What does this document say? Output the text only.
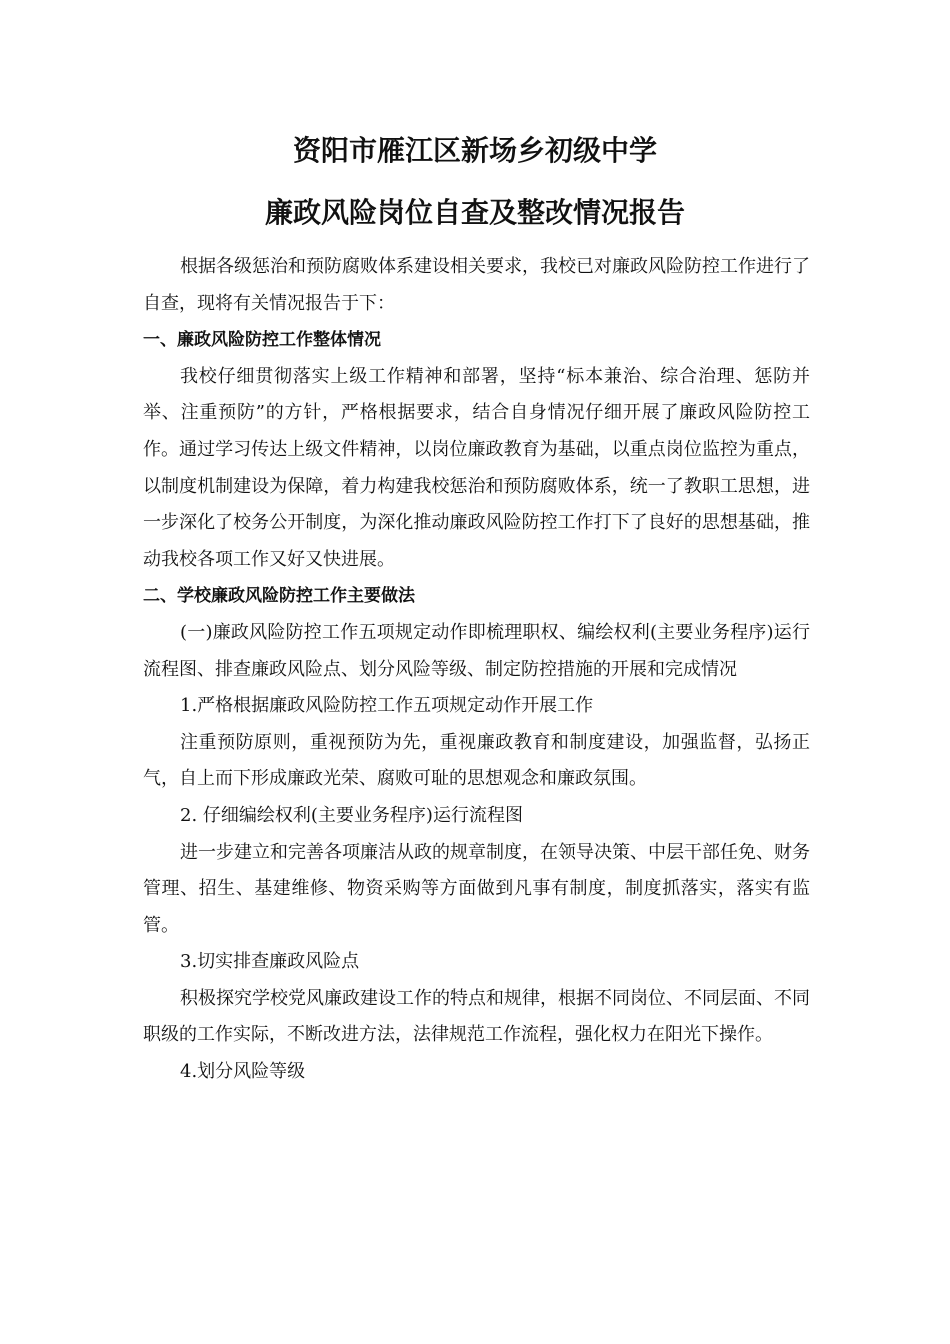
资阳市雁江区新场乡初级中学
廉政风险岗位自查及整改情况报告

根据各级惩治和预防腐败体系建设相关要求，我校已对廉政风险防控工作进行了自查，现将有关情况报告于下：

一、廉政风险防控工作整体情况

我校仔细贯彻落实上级工作精神和部署，坚持“标本兼治、综合治理、惩防并举、注重预防”的方针，严格根据要求，结合自身情况仔细开展了廉政风险防控工作。通过学习传达上级文件精神，以岗位廉政教育为基础，以重点岗位监控为重点，以制度机制建设为保障，着力构建我校惩治和预防腐败体系，统一了教职工思想，进一步深化了校务公开制度，为深化推动廉政风险防控工作打下了良好的思想基础，推动我校各项工作又好又快进展。

二、学校廉政风险防控工作主要做法

(一)廉政风险防控工作五项规定动作即梳理职权、编绘权利(主要业务程序)运行流程图、排查廉政风险点、划分风险等级、制定防控措施的开展和完成情况

1.严格根据廉政风险防控工作五项规定动作开展工作

注重预防原则，重视预防为先，重视廉政教育和制度建设，加强监督，弘扬正气，自上而下形成廉政光荣、腐败可耻的思想观念和廉政氛围。

2. 仔细编绘权利(主要业务程序)运行流程图

进一步建立和完善各项廉洁从政的规章制度，在领导决策、中层干部任免、财务管理、招生、基建维修、物资采购等方面做到凡事有制度，制度抓落实，落实有监管。

3.切实排查廉政风险点

积极探究学校党风廉政建设工作的特点和规律，根据不同岗位、不同层面、不同职级的工作实际，不断改进方法，法律规范工作流程，强化权力在阳光下操作。

4.划分风险等级
